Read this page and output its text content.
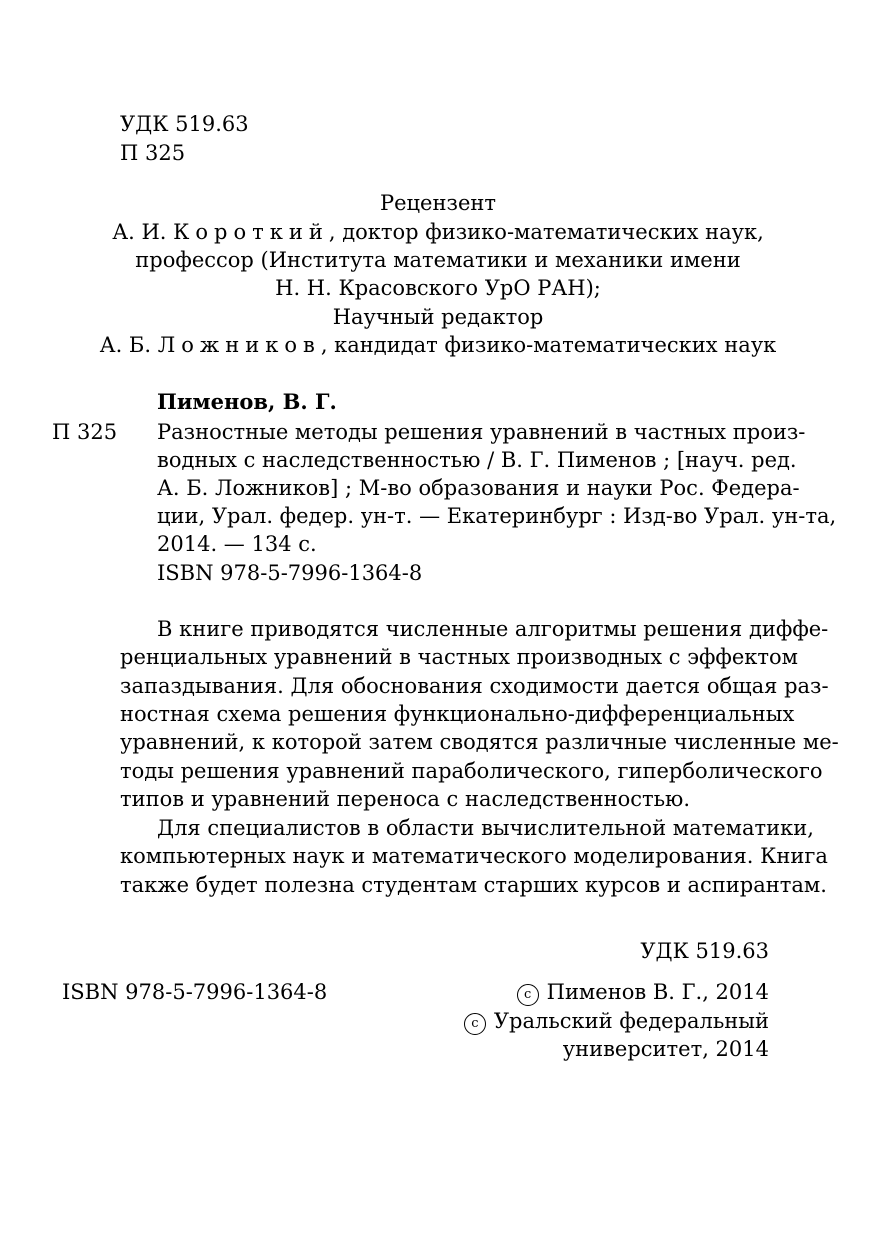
УДК 519.63
П 325
Рецензент
А. И. Короткий, доктор физико-математических наук,
профессор (Института математики и механики имени
Н. Н. Красовского УрО РАН);
Научный редактор
А. Б. Ложников, кандидат физико-математических наук
Пименов, В. Г.
П 325 Разностные методы решения уравнений в частных произ-
водных с наследственностью / В. Г. Пименов ; [науч. ред.
А. Б. Ложников] ; М-во образования и науки Рос. Федера-
ции, Урал. федер. ун-т. — Екатеринбург : Изд-во Урал. ун-та,
2014. — 134 с.
ISBN 978-5-7996-1364-8
В книге приводятся численные алгоритмы решения диффе-
ренциальных уравнений в частных производных с эффектом
запаздывания. Для обоснования сходимости дается общая раз-
ностная схема решения функционально-дифференциальных
уравнений, к которой затем сводятся различные численные ме-
тоды решения уравнений параболического, гиперболического
типов и уравнений переноса с наследственностью.
Для специалистов в области вычислительной математики,
компьютерных наук и математического моделирования. Книга
также будет полезна студентам старших курсов и аспирантам.
УДК 519.63
ISBN 978-5-7996-1364-8	c Пименов В. Г., 2014
c Уральский федеральный
университет, 2014
